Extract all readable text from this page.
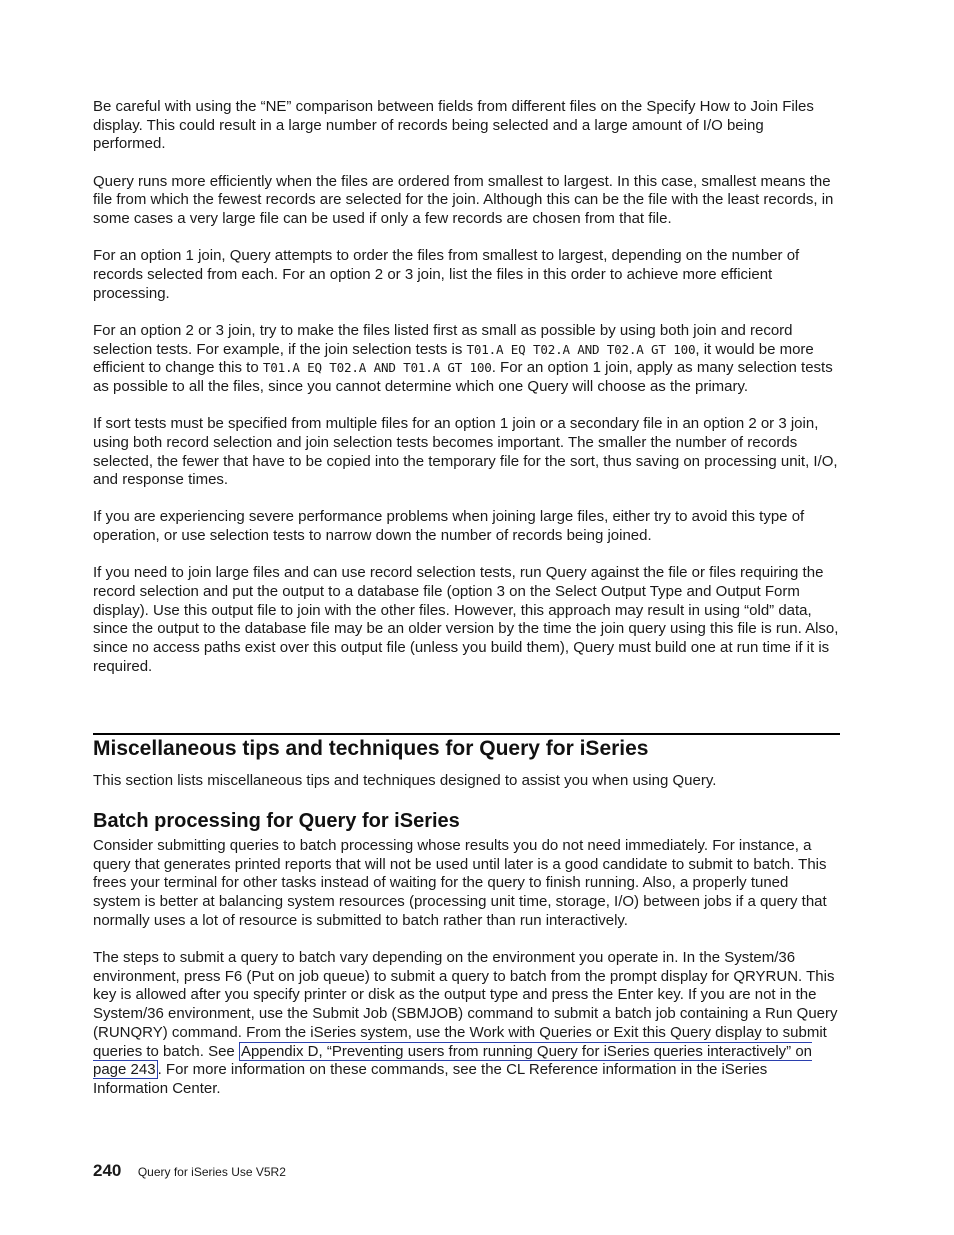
Be careful with using the “NE” comparison between fields from different files on the Specify How to Join Files display. This could result in a large number of records being selected and a large amount of I/O being performed.

Query runs more efficiently when the files are ordered from smallest to largest. In this case, smallest means the file from which the fewest records are selected for the join. Although this can be the file with the least records, in some cases a very large file can be used if only a few records are chosen from that file.

For an option 1 join, Query attempts to order the files from smallest to largest, depending on the number of records selected from each. For an option 2 or 3 join, list the files in this order to achieve more efficient processing.

For an option 2 or 3 join, try to make the files listed first as small as possible by using both join and record selection tests. For example, if the join selection tests is T01.A EQ T02.A AND T02.A GT 100, it would be more efficient to change this to T01.A EQ T02.A AND T01.A GT 100. For an option 1 join, apply as many selection tests as possible to all the files, since you cannot determine which one Query will choose as the primary.

If sort tests must be specified from multiple files for an option 1 join or a secondary file in an option 2 or 3 join, using both record selection and join selection tests becomes important. The smaller the number of records selected, the fewer that have to be copied into the temporary file for the sort, thus saving on processing unit, I/O, and response times.

If you are experiencing severe performance problems when joining large files, either try to avoid this type of operation, or use selection tests to narrow down the number of records being joined.

If you need to join large files and can use record selection tests, run Query against the file or files requiring the record selection and put the output to a database file (option 3 on the Select Output Type and Output Form display). Use this output file to join with the other files. However, this approach may result in using “old” data, since the output to the database file may be an older version by the time the join query using this file is run. Also, since no access paths exist over this output file (unless you build them), Query must build one at run time if it is required.

Miscellaneous tips and techniques for Query for iSeries

This section lists miscellaneous tips and techniques designed to assist you when using Query.

Batch processing for Query for iSeries

Consider submitting queries to batch processing whose results you do not need immediately. For instance, a query that generates printed reports that will not be used until later is a good candidate to submit to batch. This frees your terminal for other tasks instead of waiting for the query to finish running. Also, a properly tuned system is better at balancing system resources (processing unit time, storage, I/O) between jobs if a query that normally uses a lot of resource is submitted to batch rather than run interactively.

The steps to submit a query to batch vary depending on the environment you operate in. In the System/36 environment, press F6 (Put on job queue) to submit a query to batch from the prompt display for QRYRUN. This key is allowed after you specify printer or disk as the output type and press the Enter key. If you are not in the System/36 environment, use the Submit Job (SBMJOB) command to submit a batch job containing a Run Query (RUNQRY) command. From the iSeries system, use the Work with Queries or Exit this Query display to submit queries to batch. See Appendix D, “Preventing users from running Query for iSeries queries interactively” on page 243 . For more information on these commands, see the CL Reference information in the iSeries Information Center.

240 Query for iSeries Use V5R2
